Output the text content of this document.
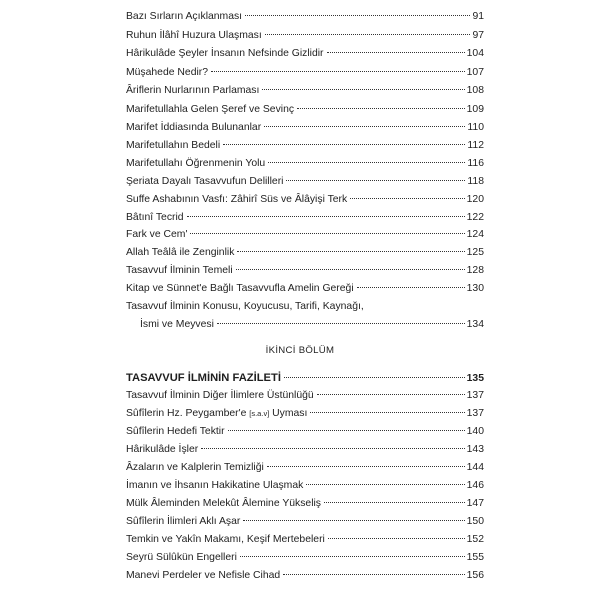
Bazı Sırların Açıklanması	91
Ruhun İlâhî Huzura Ulaşması	97
Hârikulâde Şeyler İnsanın Nefsinde Gizlidir	104
Müşahede Nedir?	107
Âriflerin Nurlarının Parlaması	108
Marifetullahla Gelen Şeref ve Sevinç	109
Marifet İddiasında Bulunanlar	110
Marifetullahın Bedeli	112
Marifetullahı Öğrenmenin Yolu	116
Şeriata Dayalı Tasavvufun Delilleri	118
Suffe Ashabının Vasfı: Zâhirî Süs ve Âlâyişi Terk	120
Bâtınî Tecrid	122
Fark ve Cem'	124
Allah Teâlâ ile Zenginlik	125
Tasavvuf İlminin Temeli	128
Kitap ve Sünnet'e Bağlı Tasavvufla Amelin Gereği	130
Tasavvuf İlminin Konusu, Koyucusu, Tarifi, Kaynağı,
İsmi ve Meyvesi	134
İKİNCİ BÖLÜM
TASAVVUF İLMİNİN FAZİLETİ	135
Tasavvuf İlminin Diğer İlimlere Üstünlüğü	137
Sûfîlerin Hz. Peygamber'e [s.a.v] Uyması	137
Sûfîlerin Hedefi Tektir	140
Hârikulâde İşler	143
Âzaların ve Kalplerin Temizliği	144
İmanın ve İhsanın Hakikatine Ulaşmak	146
Mülk Âleminden Melekût Âlemine Yükseliş	147
Sûfîlerin İlimleri Aklı Aşar	150
Temkin ve Yakîn Makamı, Keşif Mertebeleri	152
Seyrü Sülûkün Engelleri	155
Manevi Perdeler ve Nefisle Cihad	156
